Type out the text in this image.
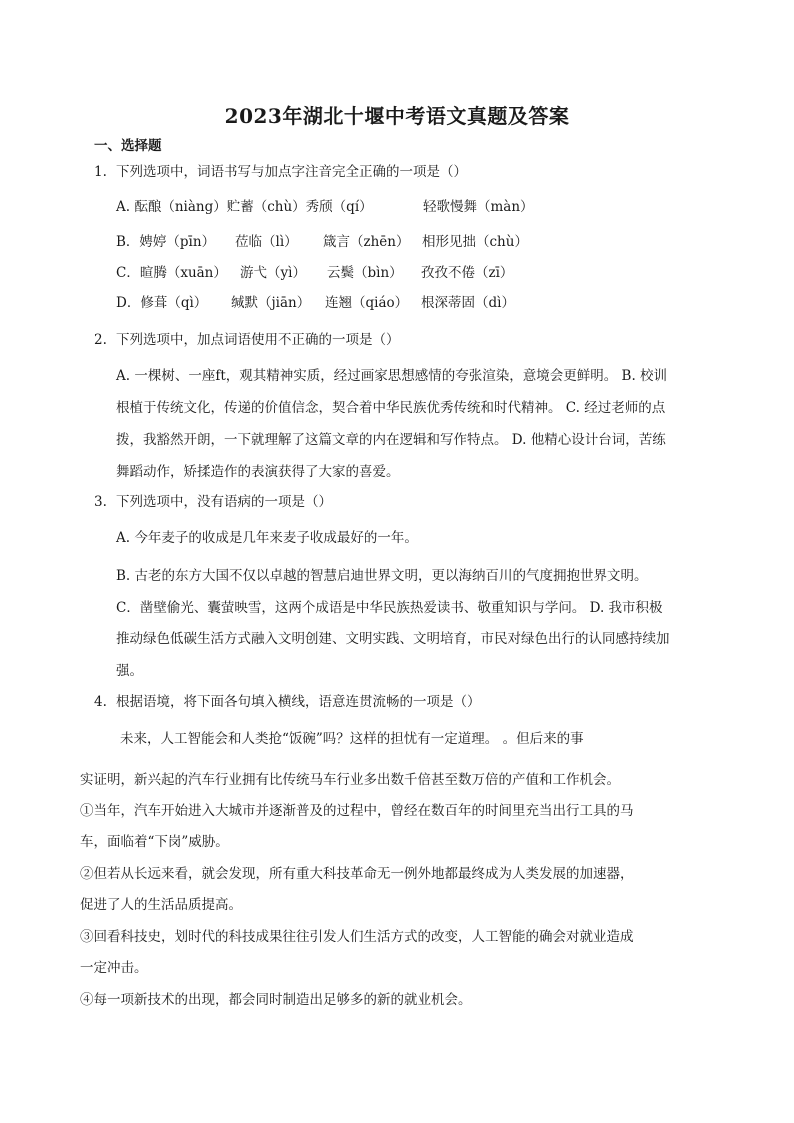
2023年湖北十堰中考语文真题及答案
一、选择题
1. 下列选项中，词语书写与加点字注音完全正确的一项是（）
A. 酝酿（niàng）贮蓄（chù）秀颀（qí）	轻歌慢舞（màn）
B．娉婷（pīn） 莅临（lì） 箴言（zhēn） 相形见拙（chù）
C．暄腾（xuān） 游弋（yì） 云鬓（bìn） 孜孜不倦（zī）
D．修葺（qì） 缄默（jiān） 连翘（qiáo） 根深蒂固（dì）
2. 下列选项中，加点词语使用不正确的一项是（）
A. 一棵树、一座ft，观其精神实质，经过画家思想感情的夸张渲染，意境会更鲜明。 B. 校训
根植于传统文化，传递的价值信念，契合着中华民族优秀传统和时代精神。 C. 经过老师的点
拨，我豁然开朗，一下就理解了这篇文章的内在逻辑和写作特点。 D. 他精心设计台词，苦练
舞蹈动作，矫揉造作的表演获得了大家的喜爱。
3. 下列选项中，没有语病的一项是（）
A. 今年麦子的收成是几年来麦子收成最好的一年。
B. 古老的东方大国不仅以卓越的智慧启迪世界文明，更以海纳百川的气度拥抱世界文明。
C．凿壁偷光、囊萤映雪，这两个成语是中华民族热爱读书、敬重知识与学问。 D. 我市积极
推动绿色低碳生活方式融入文明创建、文明实践、文明培育，市民对绿色出行的认同感持续加
强。
4. 根据语境，将下面各句填入横线，语意连贯流畅的一项是（）
未来，人工智能会和人类抢“饭碗”吗？这样的担忧有一定道理。 。但后来的事
实证明，新兴起的汽车行业拥有比传统马车行业多出数千倍甚至数万倍的产值和工作机会。
①当年，汽车开始进入大城市并逐渐普及的过程中，曾经在数百年的时间里充当出行工具的马
车，面临着“下岗”威胁。
②但若从长远来看，就会发现，所有重大科技革命无一例外地都最终成为人类发展的加速器，
促进了人的生活品质提高。
③回看科技史，划时代的科技成果往往引发人们生活方式的改变，人工智能的确会对就业造成
一定冲击。
④每一项新技术的出现，都会同时制造出足够多的新的就业机会。
